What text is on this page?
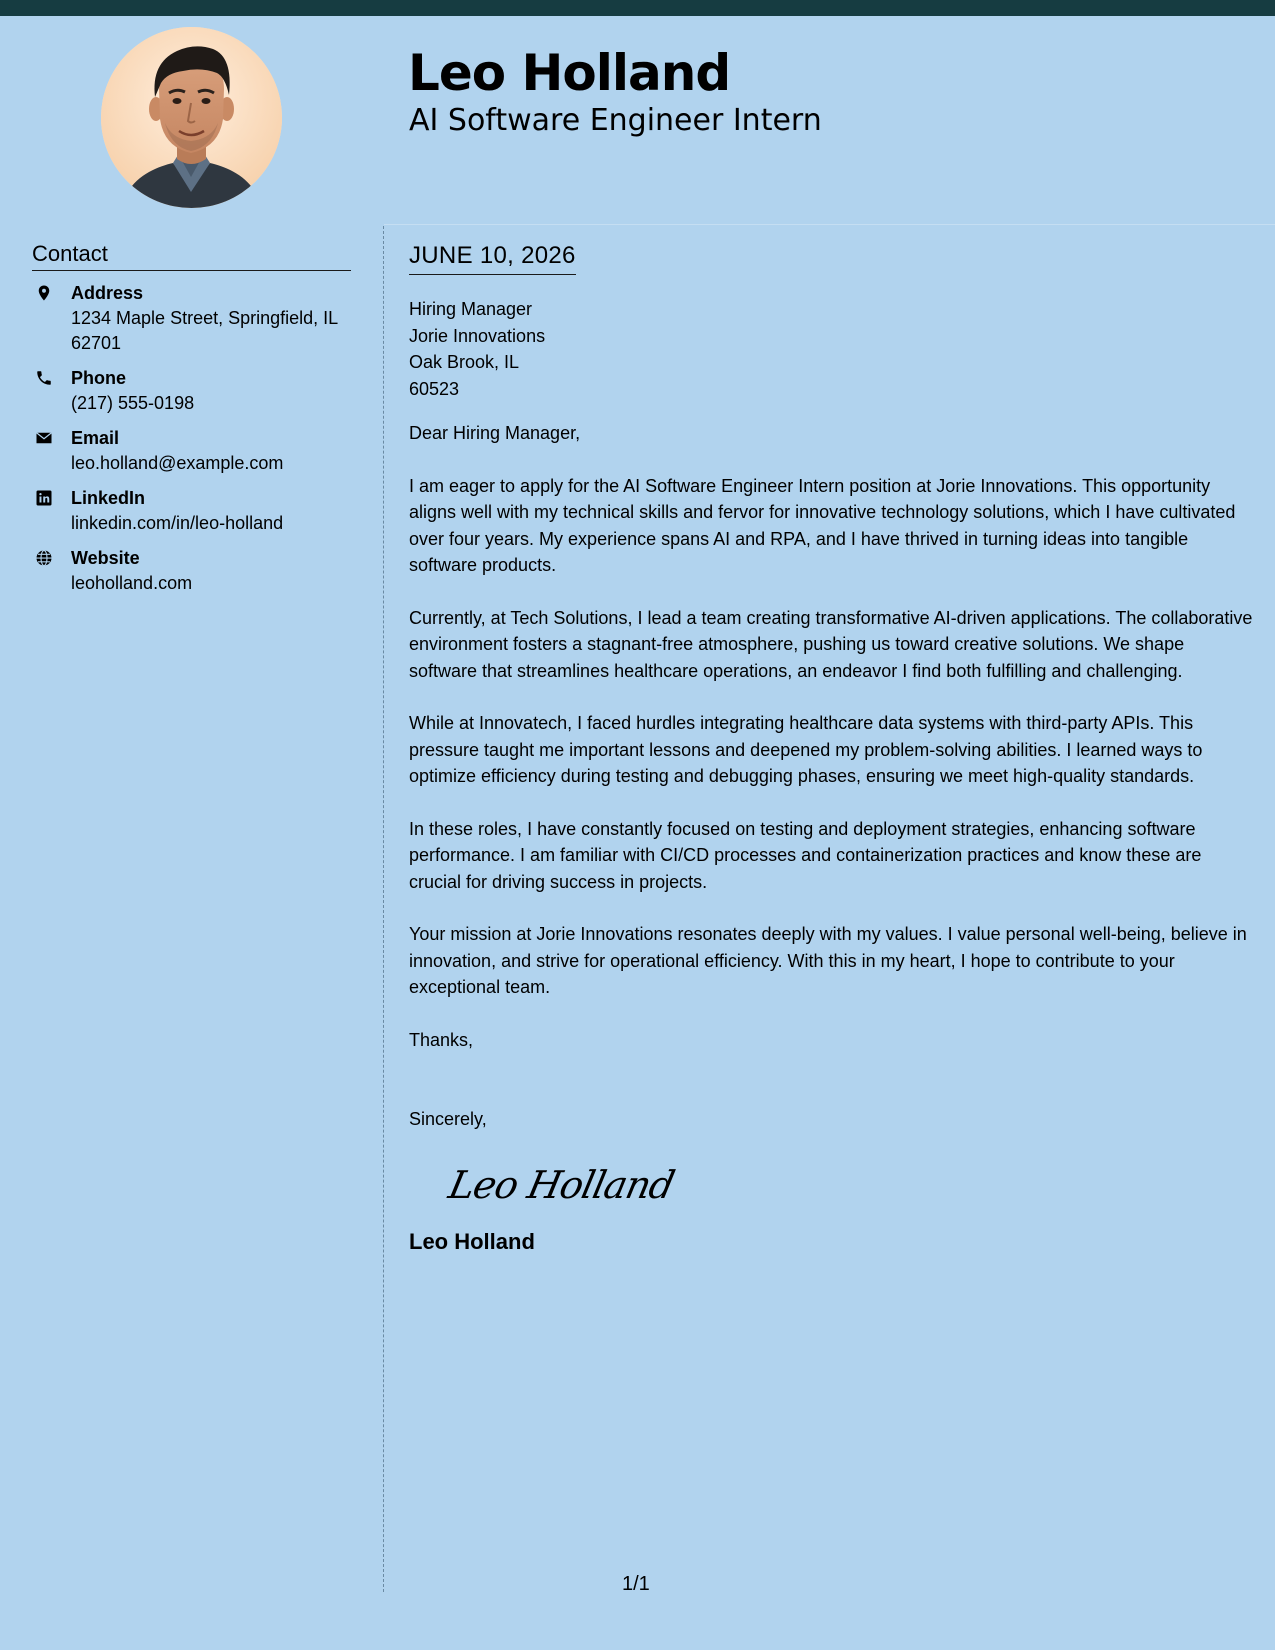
Leo Holland
AI Software Engineer Intern
Contact
Address
1234 Maple Street, Springfield, IL 62701
Phone
(217) 555-0198
Email
leo.holland@example.com
LinkedIn
linkedin.com/in/leo-holland
Website
leoholland.com
JUNE 10, 2026
Hiring Manager
Jorie Innovations
Oak Brook, IL
60523

Dear Hiring Manager,

I am eager to apply for the AI Software Engineer Intern position at Jorie Innovations. This opportunity aligns well with my technical skills and fervor for innovative technology solutions, which I have cultivated over four years. My experience spans AI and RPA, and I have thrived in turning ideas into tangible software products.

Currently, at Tech Solutions, I lead a team creating transformative AI-driven applications. The collaborative environment fosters a stagnant-free atmosphere, pushing us toward creative solutions. We shape software that streamlines healthcare operations, an endeavor I find both fulfilling and challenging.

While at Innovatech, I faced hurdles integrating healthcare data systems with third-party APIs. This pressure taught me important lessons and deepened my problem-solving abilities. I learned ways to optimize efficiency during testing and debugging phases, ensuring we meet high-quality standards.

In these roles, I have constantly focused on testing and deployment strategies, enhancing software performance. I am familiar with CI/CD processes and containerization practices and know these are crucial for driving success in projects.

Your mission at Jorie Innovations resonates deeply with my values. I value personal well-being, believe in innovation, and strive for operational efficiency. With this in my heart, I hope to contribute to your exceptional team.

Thanks,

Sincerely,

Leo Holland
Leo Holland
1/1
